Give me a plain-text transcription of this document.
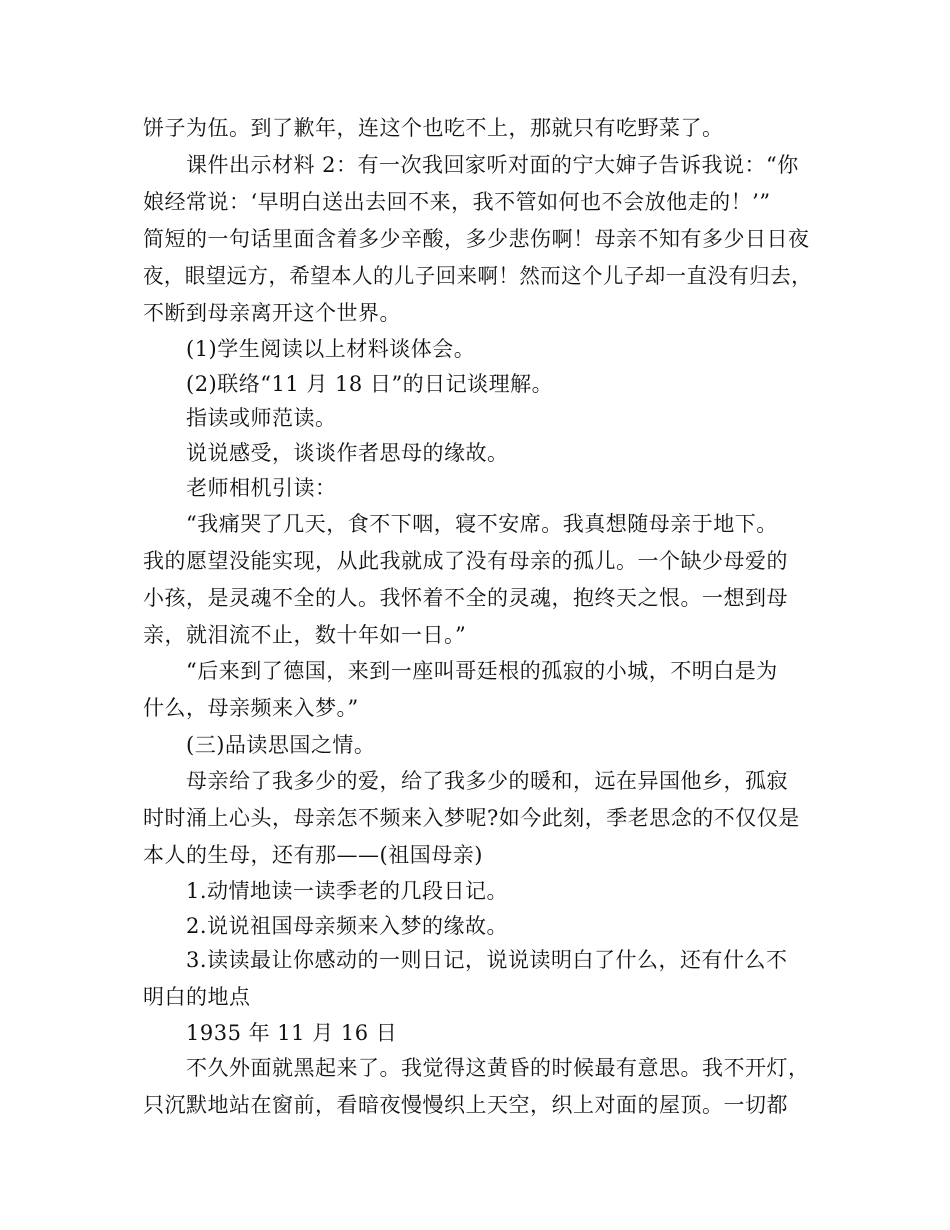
饼子为伍。到了歉年，连这个也吃不上，那就只有吃野菜了。
课件出示材料 2：有一次我回家听对面的宁大婶子告诉我说：“你
娘经常说：‘早明白送出去回不来，我不管如何也不会放他走的！’”
简短的一句话里面含着多少辛酸，多少悲伤啊！母亲不知有多少日日夜
夜，眼望远方，希望本人的儿子回来啊！然而这个儿子却一直没有归去，
不断到母亲离开这个世界。
(1)学生阅读以上材料谈体会。
(2)联络“11 月 18 日”的日记谈理解。
指读或师范读。
说说感受，谈谈作者思母的缘故。
老师相机引读：
“我痛哭了几天，食不下咽，寝不安席。我真想随母亲于地下。
我的愿望没能实现，从此我就成了没有母亲的孤儿。一个缺少母爱的
小孩，是灵魂不全的人。我怀着不全的灵魂，抱终天之恨。一想到母
亲，就泪流不止，数十年如一日。”
“后来到了德国，来到一座叫哥廷根的孤寂的小城，不明白是为
什么，母亲频来入梦。”
(三)品读思国之情。
母亲给了我多少的爱，给了我多少的暖和，远在异国他乡，孤寂
时时涌上心头，母亲怎不频来入梦呢?如今此刻，季老思念的不仅仅是
本人的生母，还有那——(祖国母亲)
1.动情地读一读季老的几段日记。
2.说说祖国母亲频来入梦的缘故。
3.读读最让你感动的一则日记，说说读明白了什么，还有什么不
明白的地点
1935 年 11 月 16 日
不久外面就黑起来了。我觉得这黄昏的时候最有意思。我不开灯，
只沉默地站在窗前，看暗夜慢慢织上天空，织上对面的屋顶。一切都
